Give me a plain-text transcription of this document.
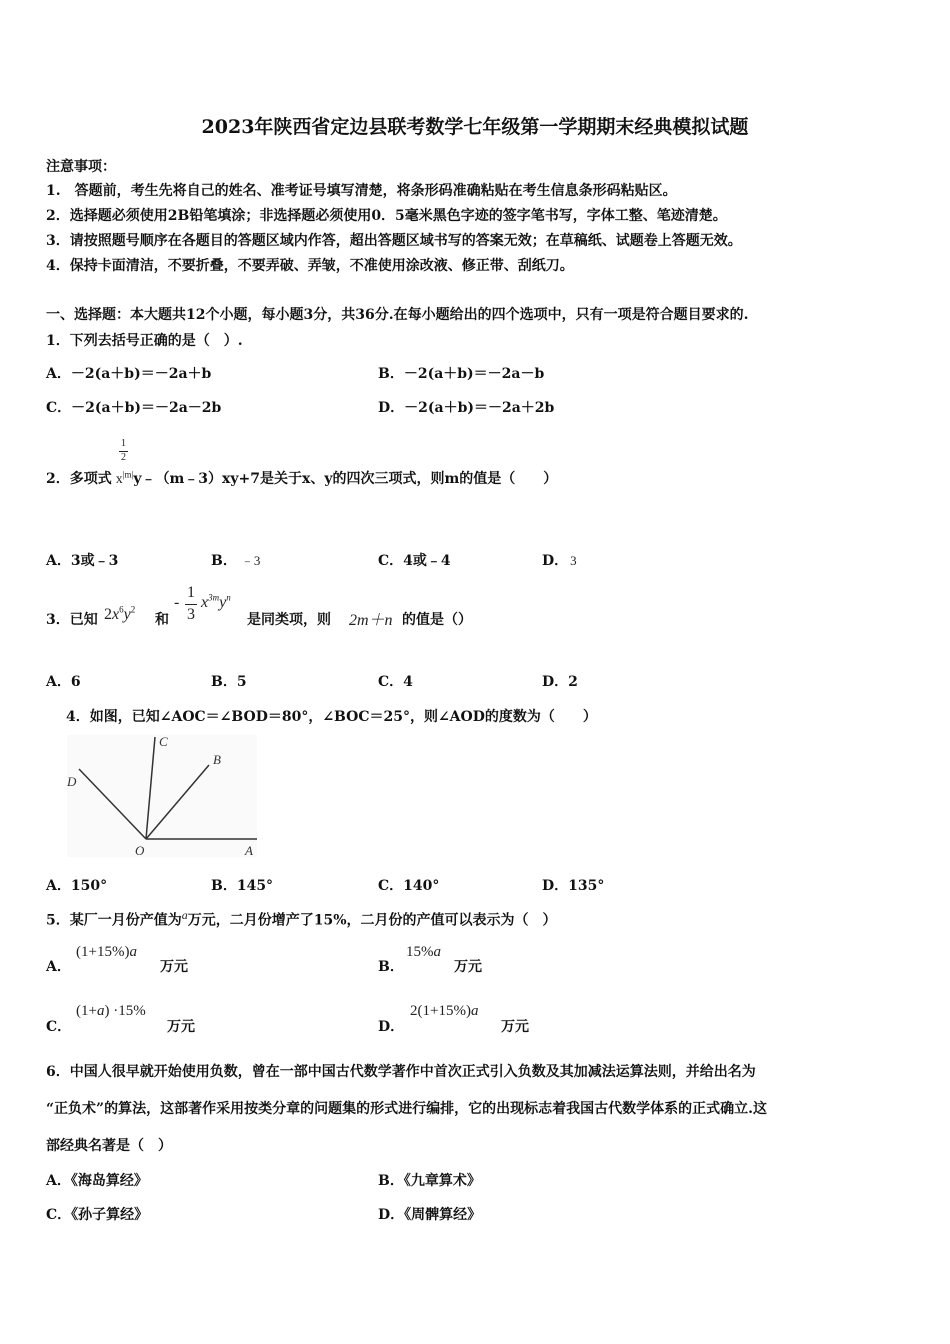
2023年陕西省定边县联考数学七年级第一学期期末经典模拟试题
注意事项：
1.　答题前，考生先将自己的姓名、准考证号填写清楚，将条形码准确粘贴在考生信息条形码粘贴区。
2．选择题必须使用2B铅笔填涂；非选择题必须使用0．5毫米黑色字迹的签字笔书写，字体工整、笔迹清楚。
3．请按照题号顺序在各题目的答题区域内作答，超出答题区域书写的答案无效；在草稿纸、试题卷上答题无效。
4．保持卡面清洁，不要折叠，不要弄破、弄皱，不准使用涂改液、修正带、刮纸刀。
一、选择题：本大题共12个小题，每小题3分，共36分.在每小题给出的四个选项中，只有一项是符合题目要求的.
1．下列去括号正确的是（　）.
A．－2(a＋b)＝－2a＋b	B．－2(a＋b)＝－2a－b
C．－2(a＋b)＝－2a－2b	D．－2(a＋b)＝－2a＋2b
1
2
2．多项式 $x^{|m|}y﹣(m﹣3)xy+7$是关于x、y的四次三项式，则m的值是（　　）
A．3或﹣3	B． ﹣3	C．4或﹣4	D． 3
3．已知 $2x^6y^2$
和
-
1
3
$x^{3m}y^n$
是同类项，则 2m＋n 的值是（）
A．6	B．5	C．4	D．2
4．如图，已知∠AOC＝∠BOD＝80°，∠BOC＝25°，则∠AOD的度数为（　　）
C
B
D
O	A
A．150°	B．145°	C．140°	D．135°
5．某厂一月份产值为$^a$万元，二月份增产了15%，二月份的产值可以表示为（　）
A．
(1+15%)a
万元	B．
15%a
万元
C．
(1+a) ·15%
万元	D．
2(1+15%)a
万元
6．中国人很早就开始使用负数，曾在一部中国古代数学著作中首次正式引入负数及其加减法运算法则，并给出名为
“正负术”的算法，这部著作采用按类分章的问题集的形式进行编排，它的出现标志着我国古代数学体系的正式确立.这
部经典名著是（　）
A．《海岛算经》	B．《九章算术》
C．《孙子算经》	D．《周髀算经》
